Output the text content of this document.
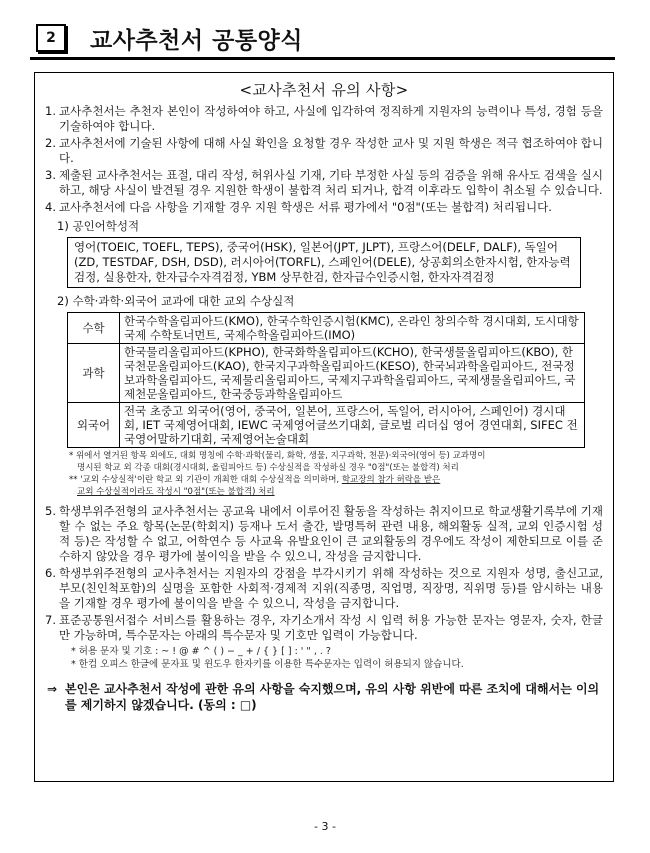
2	교사추천서 공통양식
<교사추천서 유의 사항>
1. 교사추천서는 추천자 본인이 작성하여야 하고, 사실에 입각하여 정직하게 지원자의 능력이나 특성, 경험 등을 기술하여야 합니다.
2. 교사추천서에 기술된 사항에 대해 사실 확인을 요청할 경우 작성한 교사 및 지원 학생은 적극 협조하여야 합니다.
3. 제출된 교사추천서는 표절, 대리 작성, 허위사실 기재, 기타 부정한 사실 등의 검증을 위해 유사도 검색을 실시하고, 해당 사실이 발견될 경우 지원한 학생이 불합격 처리 되거나, 합격 이후라도 입학이 취소될 수 있습니다.
4. 교사추천서에 다음 사항을 기재할 경우 지원 학생은 서류 평가에서 "0점"(또는 불합격) 처리됩니다.
1) 공인어학성적
영어(TOEIC, TOEFL, TEPS), 중국어(HSK), 일본어(JPT, JLPT), 프랑스어(DELF, DALF), 독일어(ZD, TESTDAF, DSH, DSD), 러시아어(TORFL), 스페인어(DELE), 상공회의소한자시험, 한자능력검정, 실용한자, 한자급수자격검정, YBM 상무한검, 한자급수인증시험, 한자자격검정
2) 수학·과학·외국어 교과에 대한 교외 수상실적
수학	한국수학올림피아드(KMO), 한국수학인증시험(KMC), 온라인 창의수학 경시대회, 도시대항 국제 수학토너먼트, 국제수학올림피아드(IMO)
과학	한국물리올림피아드(KPHO), 한국화학올림피아드(KCHO), 한국생물올림피아드(KBO), 한국천문올림피아드(KAO), 한국지구과학올림피아드(KESO), 한국뇌과학올림피아드, 전국정보과학올림피아드, 국제물리올림피아드, 국제지구과학올림피아드, 국제생물올림피아드, 국제천문올림피아드, 한국중등과학올림피아드
외국어	전국 초중고 외국어(영어, 중국어, 일본어, 프랑스어, 독일어, 러시아어, 스페인어) 경시대회, IET 국제영어대회, IEWC 국제영어글쓰기대회, 글로벌 리더십 영어 경연대회, SIFEC 전국영어말하기대회, 국제영어논술대회
* 위에서 열거된 항목 외에도, 대회 명칭에 수학·과학(물리, 화학, 생물, 지구과학, 천문)·외국어(영어 등) 교과명이
명시된 학교 외 각종 대회(경시대회, 올림피아드 등) 수상실적을 작성하실 경우 "0점"(또는 불합격) 처리
** '교외 수상실적'이란 학교 외 기관이 개최한 대회 수상실적을 의미하며, 학교장의 참가 허락을 받은
교외 수상실적이라도 작성시 "0점"(또는 불합격) 처리
5. 학생부위주전형의 교사추천서는 공교육 내에서 이루어진 활동을 작성하는 취지이므로 학교생활기록부에 기재할 수 없는 주요 항목(논문(학회지) 등재나 도서 출간, 발명특허 관련 내용, 해외활동 실적, 교외 인증시험 성적 등)은 작성할 수 없고, 어학연수 등 사교육 유발요인이 큰 교외활동의 경우에도 작성이 제한되므로 이를 준수하지 않았을 경우 평가에 불이익을 받을 수 있으니, 작성을 금지합니다.
6. 학생부위주전형의 교사추천서는 지원자의 강점을 부각시키기 위해 작성하는 것으로 지원자 성명, 출신고교, 부모(친인척포함)의 실명을 포함한 사회적·경제적 지위(직종명, 직업명, 직장명, 직위명 등)를 암시하는 내용을 기재할 경우 평가에 불이익을 받을 수 있으니, 작성을 금지합니다.
7. 표준공통원서접수 서비스를 활용하는 경우, 자기소개서 작성 시 입력 허용 가능한 문자는 영문자, 숫자, 한글만 가능하며, 특수문자는 아래의 특수문자 및 기호만 입력이 가능합니다.
* 허용 문자 및 기호 : ~ ! @ # ^ ( ) − _ + / { } [ ] : ' " , . ?
* 한컴 오피스 한글에 문자표 및 윈도우 한자키를 이용한 특수문자는 입력이 허용되지 않습니다.
⇒ 본인은 교사추천서 작성에 관한 유의 사항을 숙지했으며, 유의 사항 위반에 따른 조치에 대해서는 이의를 제기하지 않겠습니다. (동의 : □)
- 3 -
